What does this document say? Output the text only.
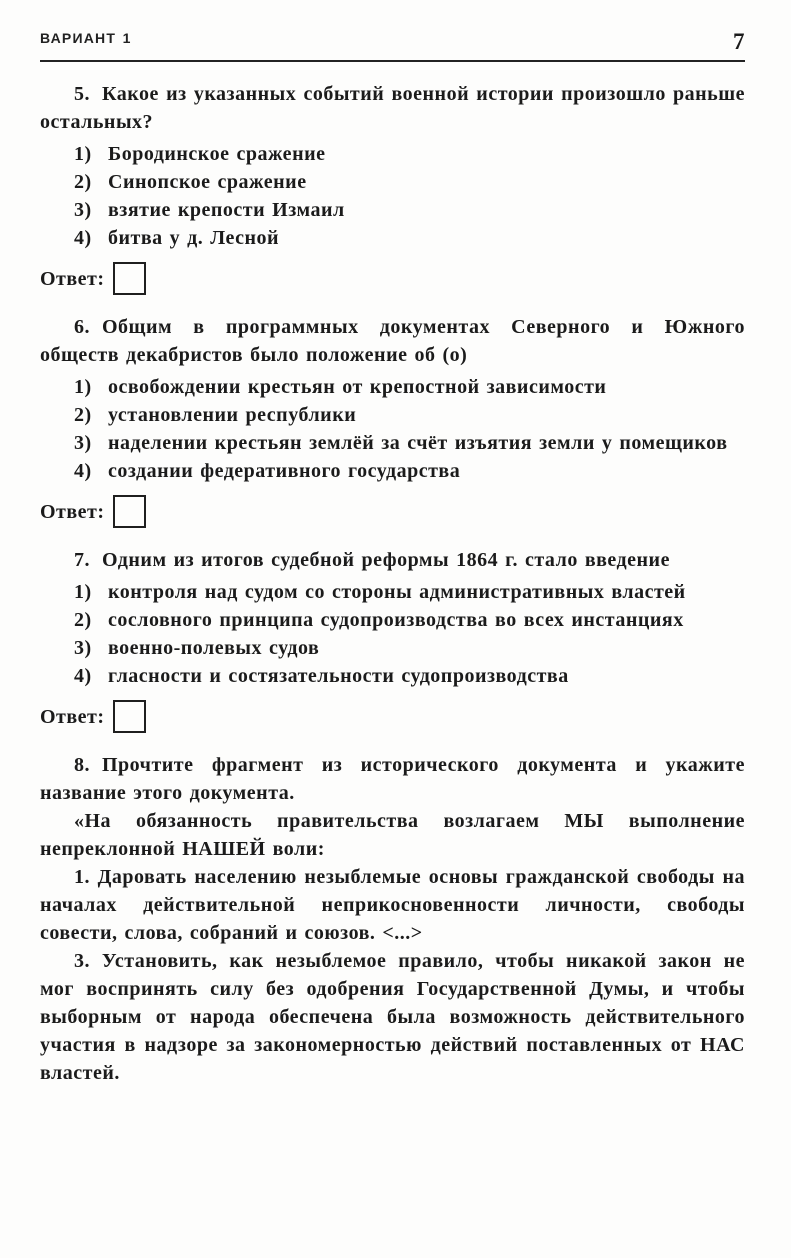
ВАРИАНТ 1	7

5. Какое из указанных событий военной истории произошло раньше остальных?

1) Бородинское сражение
2) Синопское сражение
3) взятие крепости Измаил
4) битва у д. Лесной
Ответ:

6. Общим в программных документах Северного и Южного обществ декабристов было положение об (о)

1) освобождении крестьян от крепостной зависимости
2) установлении республики
3) наделении крестьян землёй за счёт изъятия земли у помещиков
4) создании федеративного государства
Ответ:

7. Одним из итогов судебной реформы 1864 г. стало введение

1) контроля над судом со стороны административных властей
2) сословного принципа судопроизводства во всех инстанциях
3) военно-полевых судов
4) гласности и состязательности судопроизводства
Ответ:

8. Прочтите фрагмент из исторического документа и укажите название этого документа.

«На обязанность правительства возлагаем МЫ выполнение непреклонной НАШЕЙ воли:

1. Даровать населению незыблемые основы гражданской свободы на началах действительной неприкосновенности личности, свободы совести, слова, собраний и союзов. <...>

3. Установить, как незыблемое правило, чтобы никакой закон не мог воспринять силу без одобрения Государственной Думы, и чтобы выборным от народа обеспечена была возможность действительного участия в надзоре за закономерностью действий поставленных от НАС властей.
